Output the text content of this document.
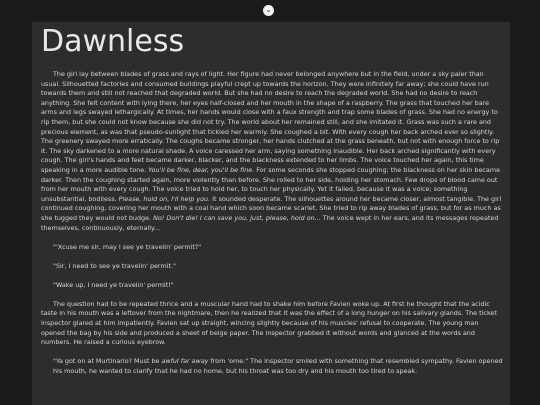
⌄
Dawnless

The girl lay between blades of grass and rays of light. Her figure had never belonged anywhere but in the field, under a sky paler than usual. Silhouetted factories and consumed buildings playful crept up towards the horizon. They were infinitely far away; she could have run towards them and still not reached that degraded world. But she had no desire to reach the degraded world. She had no desire to reach anything. She felt content with lying there, her eyes half-closed and her mouth in the shape of a raspberry. The grass that touched her bare arms and legs swayed lethargically. At times, her hands would close with a faux strength and trap some blades of grass. She had no energy to rip them, but she could not know because she did not try. The world about her remained still, and she imitated it. Grass was such a rare and precious element, as was that pseudo-sunlight that tickled her warmly. She coughed a bit. With every cough her back arched ever so slightly. The greenery swayed more erratically. The coughs became stronger, her hands clutched at the grass beneath, but not with enough force to rip it. The sky darkened to a more natural shade. A voice caressed her arm, saying something inaudible. Her back arched significantly with every cough. The girl's hands and feet became darker, blacker, and the blackness extended to her limbs. The voice touched her again, this time speaking in a more audible tone. You'll be fine, dear, you'll be fine. For some seconds she stopped coughing; the blackness on her skin became darker. Then the coughing started again, more violently than before. She rolled to her side, holding her stomach. Few drops of blood came out from her mouth with every cough. The voice tried to hold her, to touch her physically. Yet it failed, because it was a voice; something unsubstantial, bodiless. Please, hold on, I'll help you. It sounded desperate. The silhouettes around her became closer, almost tangible. The girl continued coughing, covering her mouth with a coal hand which soon became scarlet. She tried to rip away blades of grass, but for as much as she tugged they would not budge. No! Don't die! I can save you, just, please, hold on... The voice wept in her ears, and its messages repeated themselves, continuously, eternally...

"'Xcuse me sir, may I see ye travelin' permit?"

"Sir, I need to see ye travelin' permit."

"Wake up, I need ye travelin' permit!"

The question had to be repeated thrice and a muscular hand had to shake him before Favien woke up. At first he thought that the acidic taste in his mouth was a leftover from the nightmare, then he realized that it was the effect of a long hunger on his salivary glands. The ticket inspector glared at him impatiently. Favien sat up straight, wincing slightly because of his muscles' refusal to cooperate. The young man opened the bag by his side and produced a sheet of beige paper. The inspector grabbed it without words and glanced at the words and numbers. He raised a curious eyebrow.

"Ya got on at Murtinario? Must be awful far away from 'ome." The inspector smiled with something that resembled sympathy. Favien opened his mouth, he wanted to clarify that he had no home, but his throat was too dry and his mouth too tired to speak.
